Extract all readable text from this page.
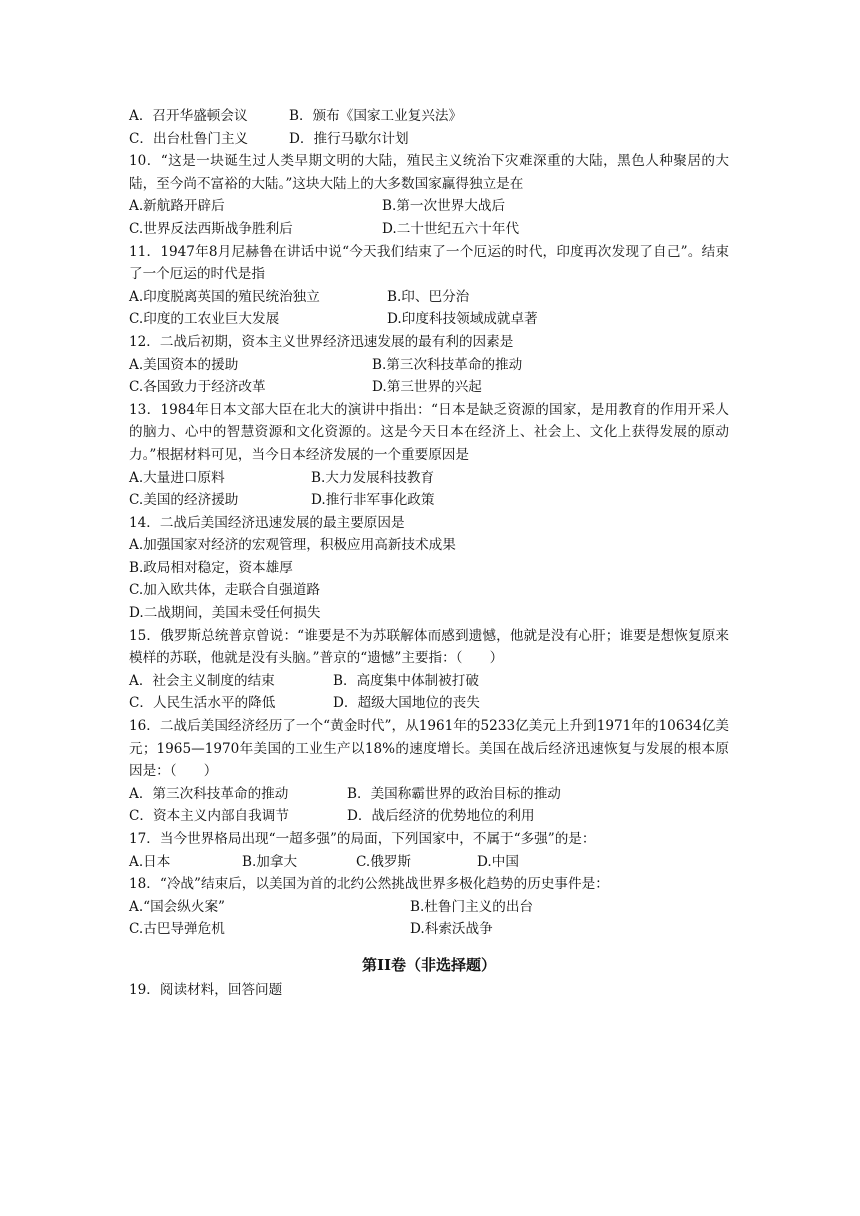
A．召开华盛顿会议	B．颁布《国家工业复兴法》
C．出台杜鲁门主义	D．推行马歇尔计划

10．“这是一块诞生过人类早期文明的大陆，殖民主义统治下灾难深重的大陆，黑色人种聚居的大陆，至今尚不富裕的大陆。”这块大陆上的大多数国家赢得独立是在

A.新航路开辟后	B.第一次世界大战后
C.世界反法西斯战争胜利后	D.二十世纪五六十年代

11．1947年8月尼赫鲁在讲话中说“今天我们结束了一个厄运的时代，印度再次发现了自己”。结束了一个厄运的时代是指

A.印度脱离英国的殖民统治独立	B.印、巴分治
C.印度的工农业巨大发展	D.印度科技领域成就卓著

12．二战后初期，资本主义世界经济迅速发展的最有利的因素是

A.美国资本的援助	B.第三次科技革命的推动
C.各国致力于经济改革	D.第三世界的兴起

13．1984年日本文部大臣在北大的演讲中指出：“日本是缺乏资源的国家，是用教育的作用开采人的脑力、心中的智慧资源和文化资源的。这是今天日本在经济上、社会上、文化上获得发展的原动力。”根据材料可见，当今日本经济发展的一个重要原因是

A.大量进口原料	B.大力发展科技教育
C.美国的经济援助	D.推行非军事化政策

14．二战后美国经济迅速发展的最主要原因是

A.加强国家对经济的宏观管理，积极应用高新技术成果
B.政局相对稳定，资本雄厚
C.加入欧共体，走联合自强道路
D.二战期间，美国未受任何损失

15．俄罗斯总统普京曾说：“谁要是不为苏联解体而感到遗憾，他就是没有心肝；谁要是想恢复原来模样的苏联，他就是没有头脑。”普京的“遗憾”主要指：（　　）

A．社会主义制度的结束	B．高度集中体制被打破
C．人民生活水平的降低	D．超级大国地位的丧失

16．二战后美国经济经历了一个“黄金时代”，从1961年的5233亿美元上升到1971年的10634亿美元；1965—1970年美国的工业生产以18%的速度增长。美国在战后经济迅速恢复与发展的根本原因是：（　　）

A．第三次科技革命的推动	B．美国称霸世界的政治目标的推动
C．资本主义内部自我调节	D．战后经济的优势地位的利用

17．当今世界格局出现“一超多强”的局面，下列国家中，不属于“多强”的是：

A.日本	B.加拿大	C.俄罗斯	D.中国

18．“冷战”结束后，以美国为首的北约公然挑战世界多极化趋势的历史事件是：

A.“国会纵火案”	B.杜鲁门主义的出台
C.古巴导弹危机	D.科索沃战争
第II卷（非选择题）
19．阅读材料，回答问题
